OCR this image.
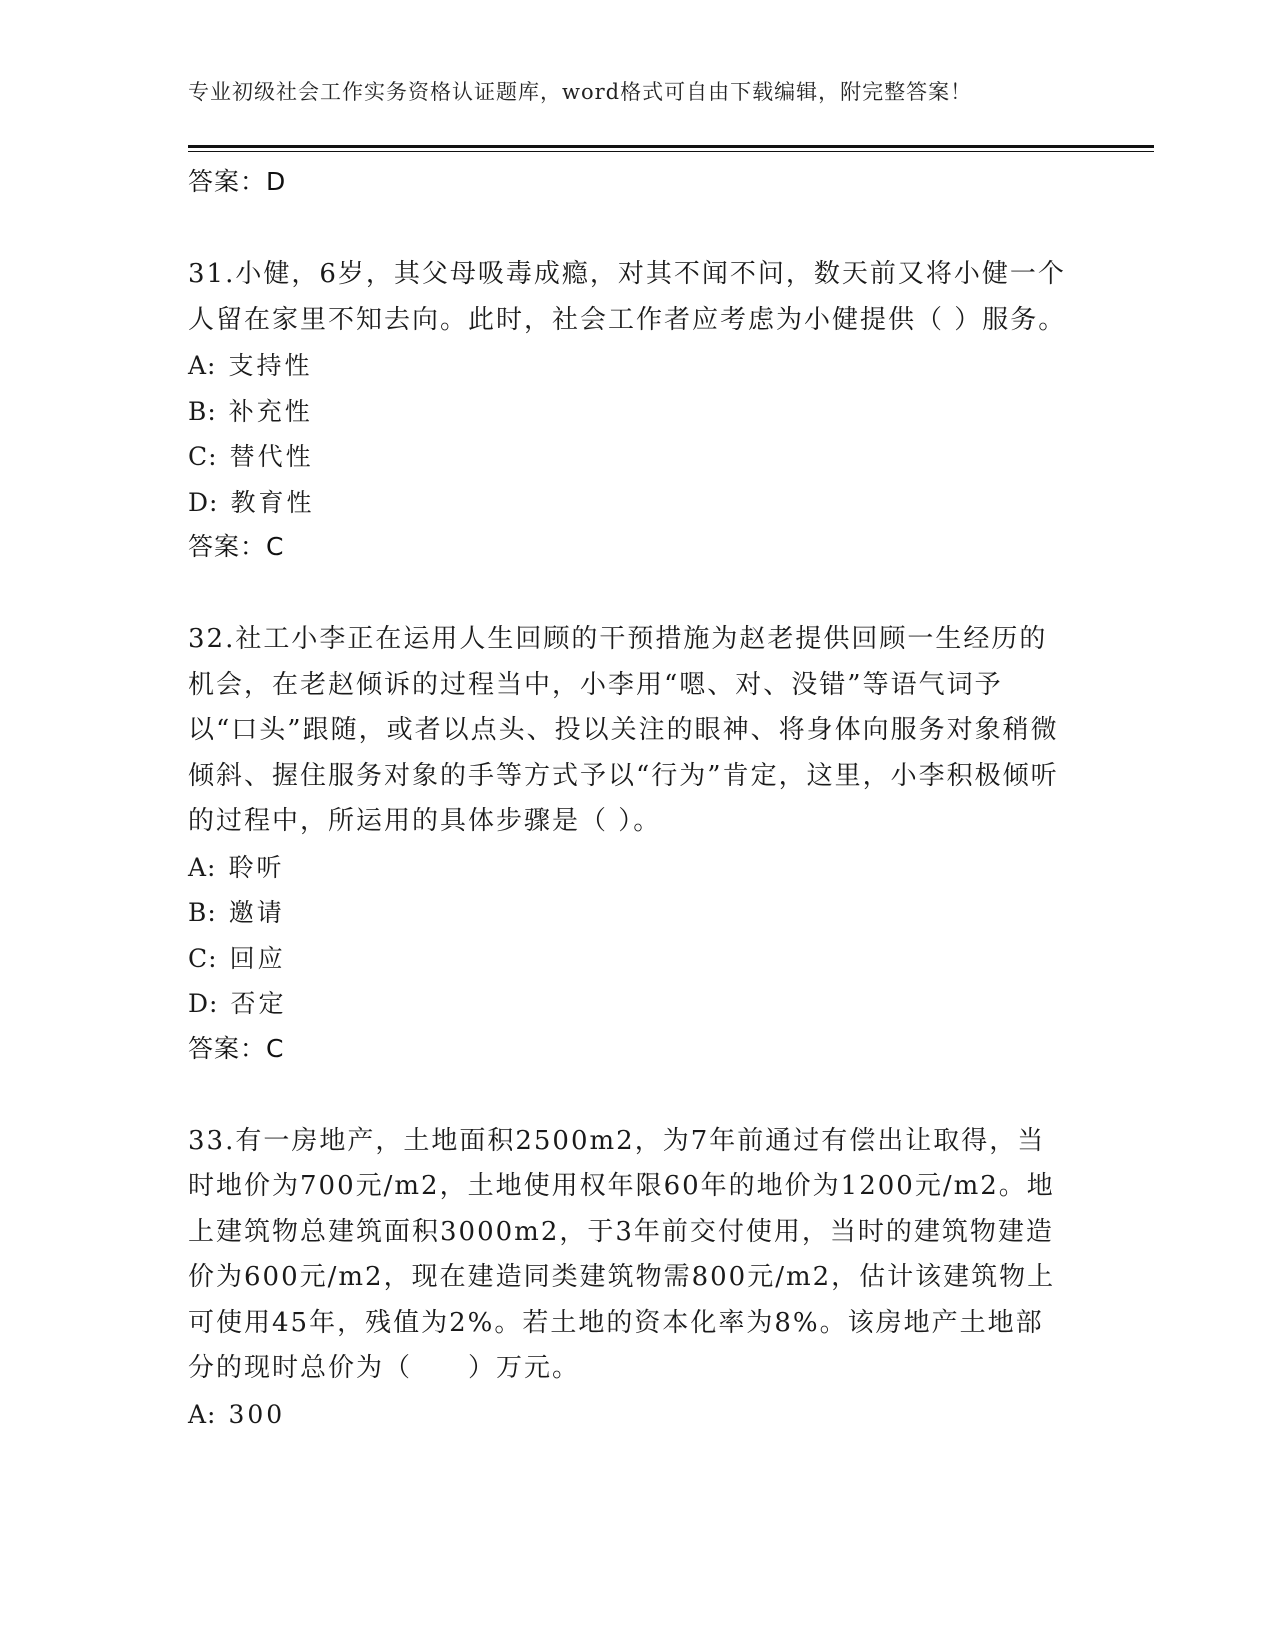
专业初级社会工作实务资格认证题库，word格式可自由下载编辑，附完整答案！
答案：D

31.小健，6岁，其父母吸毒成瘾，对其不闻不问，数天前又将小健一个人留在家里不知去向。此时，社会工作者应考虑为小健提供（ ）服务。

A: 支持性
B: 补充性
C: 替代性
D: 教育性
答案：C

32.社工小李正在运用人生回顾的干预措施为赵老提供回顾一生经历的机会，在老赵倾诉的过程当中，小李用“嗯、对、没错”等语气词予以“口头”跟随，或者以点头、投以关注的眼神、将身体向服务对象稍微倾斜、握住服务对象的手等方式予以“行为”肯定，这里，小李积极倾听的过程中，所运用的具体步骤是（ ）。

A: 聆听
B: 邀请
C: 回应
D: 否定
答案：C

33.有一房地产，土地面积2500m2，为7年前通过有偿出让取得，当时地价为700元/m2，土地使用权年限60年的地价为1200元/m2。地上建筑物总建筑面积3000m2，于3年前交付使用，当时的建筑物建造价为600元/m2，现在建造同类建筑物需800元/m2，估计该建筑物上可使用45年，残值为2%。若土地的资本化率为8%。该房地产土地部分的现时总价为（　　）万元。

A: 300
